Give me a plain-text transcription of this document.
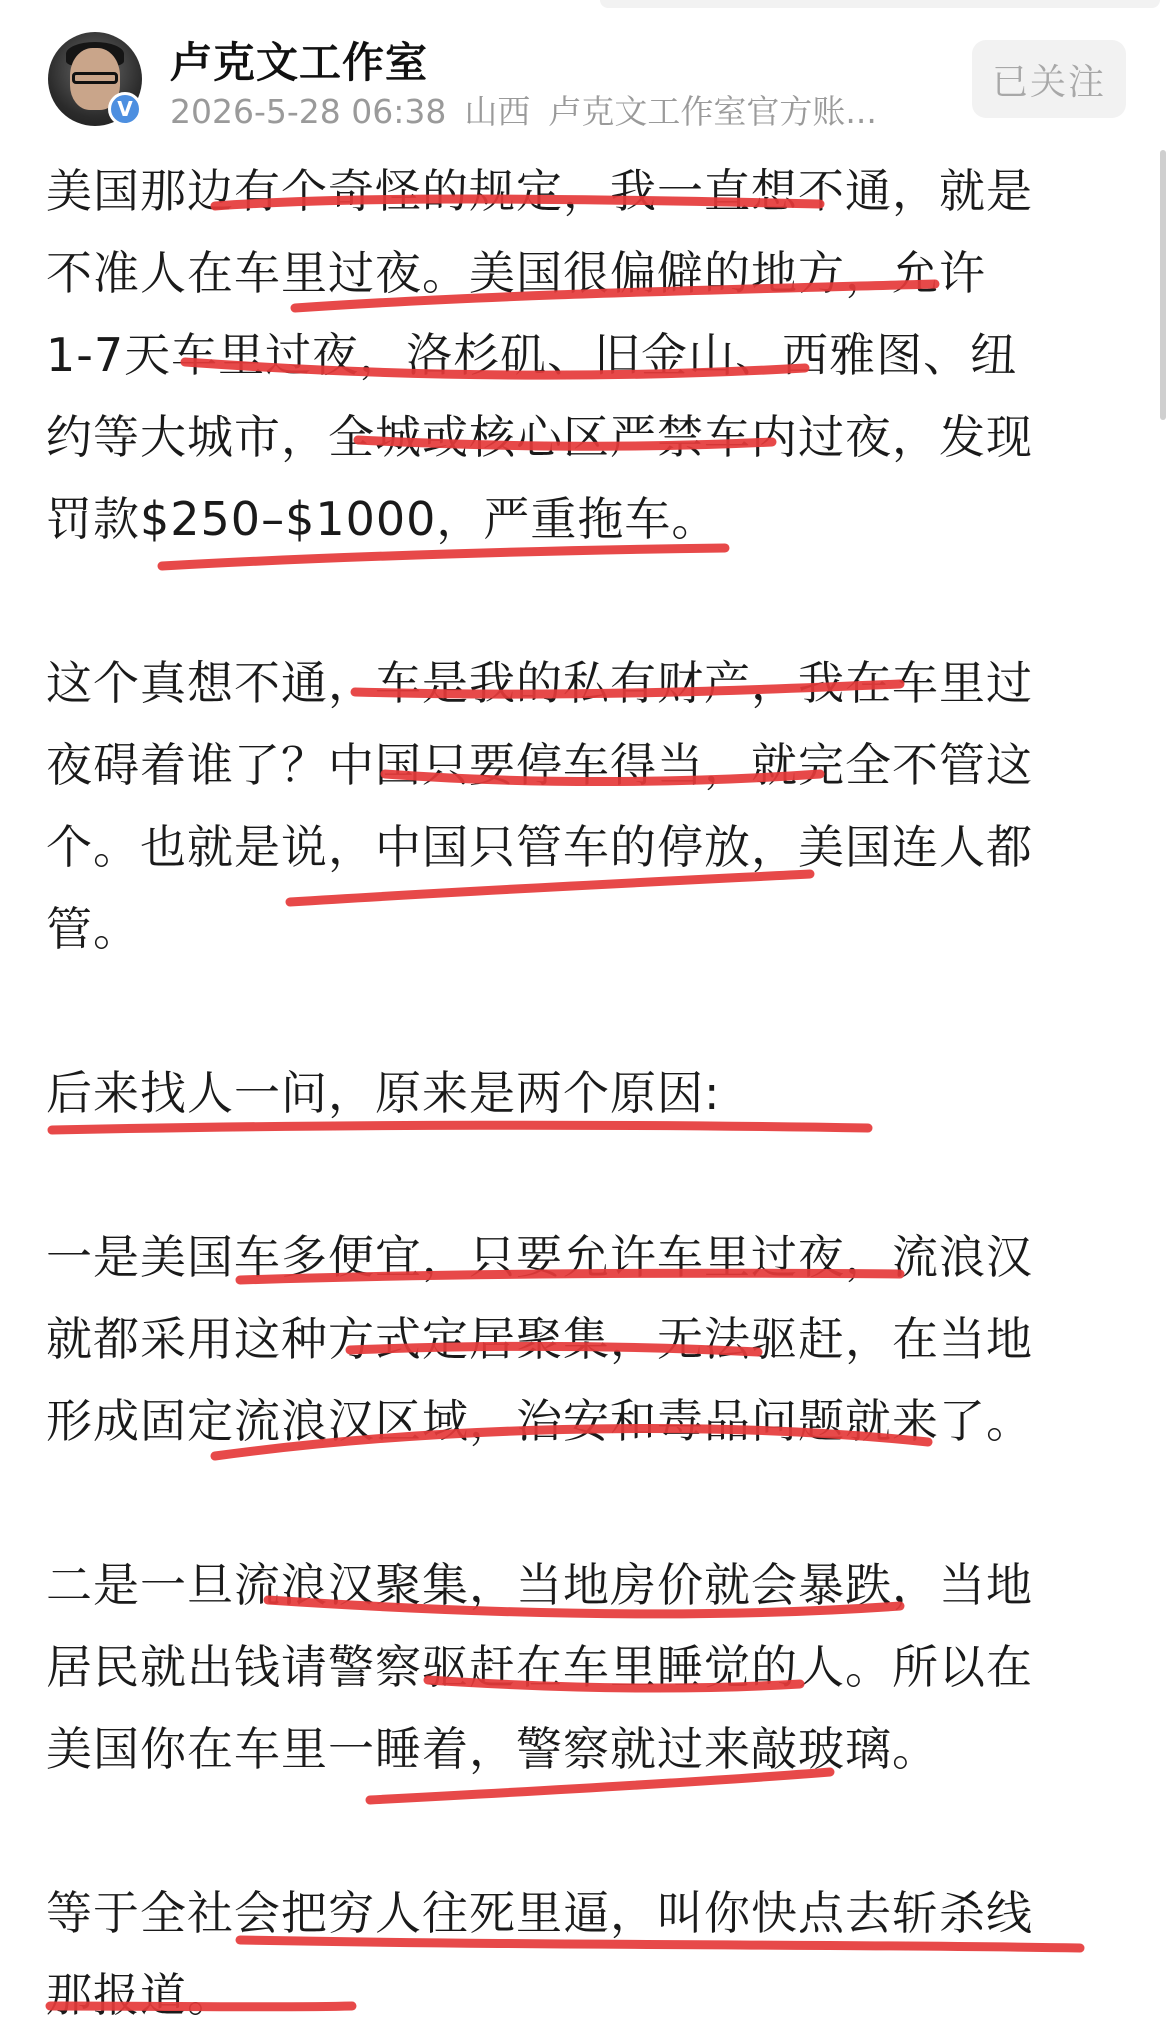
V
卢克文工作室
2026-5-28 06:38 山西 卢克文工作室官方账...
已关注

美国那边有个奇怪的规定，我一直想不通，就是
不准人在车里过夜。美国很偏僻的地方，允许
1-7天车里过夜，洛杉矶、旧金山、西雅图、纽
约等大城市，全城或核心区严禁车内过夜，发现
罚款$250–$1000，严重拖车。

这个真想不通，车是我的私有财产，我在车里过
夜碍着谁了？中国只要停车得当，就完全不管这
个。也就是说，中国只管车的停放，美国连人都
管。

后来找人一问，原来是两个原因:

一是美国车多便宜，只要允许车里过夜，流浪汉
就都采用这种方式定居聚集，无法驱赶，在当地
形成固定流浪汉区域，治安和毒品问题就来了。

二是一旦流浪汉聚集，当地房价就会暴跌，当地
居民就出钱请警察驱赶在车里睡觉的人。所以在
美国你在车里一睡着，警察就过来敲玻璃。

等于全社会把穷人往死里逼，叫你快点去斩杀线
那报道。
